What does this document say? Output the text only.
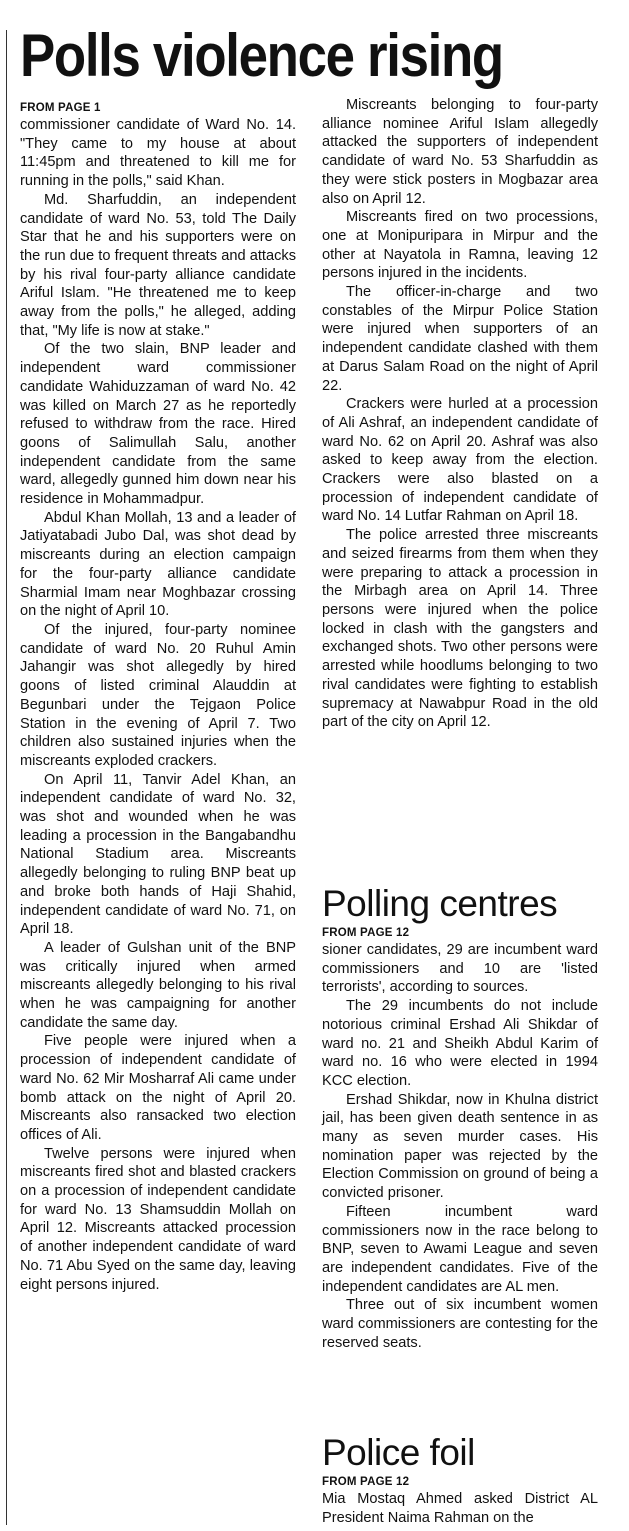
Polls violence rising

FROM PAGE 1

commissioner candidate of Ward No. 14. "They came to my house at about 11:45pm and threatened to kill me for running in the polls," said Khan.

Md. Sharfuddin, an independent candidate of ward No. 53, told The Daily Star that he and his supporters were on the run due to frequent threats and attacks by his rival four-party alliance candidate Ariful Islam. "He threatened me to keep away from the polls," he alleged, adding that, "My life is now at stake."

Of the two slain, BNP leader and independent ward commissioner candidate Wahiduzzaman of ward No. 42 was killed on March 27 as he reportedly refused to withdraw from the race. Hired goons of Salimullah Salu, another independent candidate from the same ward, allegedly gunned him down near his residence in Mohammadpur.

Abdul Khan Mollah, 13 and a leader of Jatiyatabadi Jubo Dal, was shot dead by miscreants during an election campaign for the four-party alliance candidate Sharmial Imam near Moghbazar crossing on the night of April 10.

Of the injured, four-party nominee candidate of ward No. 20 Ruhul Amin Jahangir was shot allegedly by hired goons of listed criminal Alauddin at Begunbari under the Tejgaon Police Station in the evening of April 7. Two children also sustained injuries when the miscreants exploded crackers.

On April 11, Tanvir Adel Khan, an independent candidate of ward No. 32, was shot and wounded when he was leading a procession in the Bangabandhu National Stadium area. Miscreants allegedly belonging to ruling BNP beat up and broke both hands of Haji Shahid, independent candidate of ward No. 71, on April 18.

A leader of Gulshan unit of the BNP was critically injured when armed miscreants allegedly belonging to his rival when he was campaigning for another candidate the same day.

Five people were injured when a procession of independent candidate of ward No. 62 Mir Mosharraf Ali came under bomb attack on the night of April 20. Miscreants also ransacked two election offices of Ali.

Twelve persons were injured when miscreants fired shot and blasted crackers on a procession of independent candidate for ward No. 13 Shamsuddin Mollah on April 12. Miscreants attacked procession of another independent candidate of ward No. 71 Abu Syed on the same day, leaving eight persons injured.

Miscreants belonging to four-party alliance nominee Ariful Islam allegedly attacked the supporters of independent candidate of ward No. 53 Sharfuddin as they were stick posters in Mogbazar area also on April 12.

Miscreants fired on two processions, one at Monipuripara in Mirpur and the other at Nayatola in Ramna, leaving 12 persons injured in the incidents.

The officer-in-charge and two constables of the Mirpur Police Station were injured when supporters of an independent candidate clashed with them at Darus Salam Road on the night of April 22.

Crackers were hurled at a procession of Ali Ashraf, an independent candidate of ward No. 62 on April 20. Ashraf was also asked to keep away from the election. Crackers were also blasted on a procession of independent candidate of ward No. 14 Lutfar Rahman on April 18.

The police arrested three miscreants and seized firearms from them when they were preparing to attack a procession in the Mirbagh area on April 14. Three persons were injured when the police locked in clash with the gangsters and exchanged shots. Two other persons were arrested while hoodlums belonging to two rival candidates were fighting to establish supremacy at Nawabpur Road in the old part of the city on April 12.

Polling centres

FROM PAGE 12

sioner candidates, 29 are incumbent ward commissioners and 10 are 'listed terrorists', according to sources.

The 29 incumbents do not include notorious criminal Ershad Ali Shikdar of ward no. 21 and Sheikh Abdul Karim of ward no. 16 who were elected in 1994 KCC election.

Ershad Shikdar, now in Khulna district jail, has been given death sentence in as many as seven murder cases. His nomination paper was rejected by the Election Commission on ground of being a convicted prisoner.

Fifteen incumbent ward commissioners now in the race belong to BNP, seven to Awami League and seven are independent candidates. Five of the independent candidates are AL men.

Three out of six incumbent women ward commissioners are contesting for the reserved seats.

Police foil

FROM PAGE 12

Mia Mostaq Ahmed asked District AL President Naima Rahman on the
